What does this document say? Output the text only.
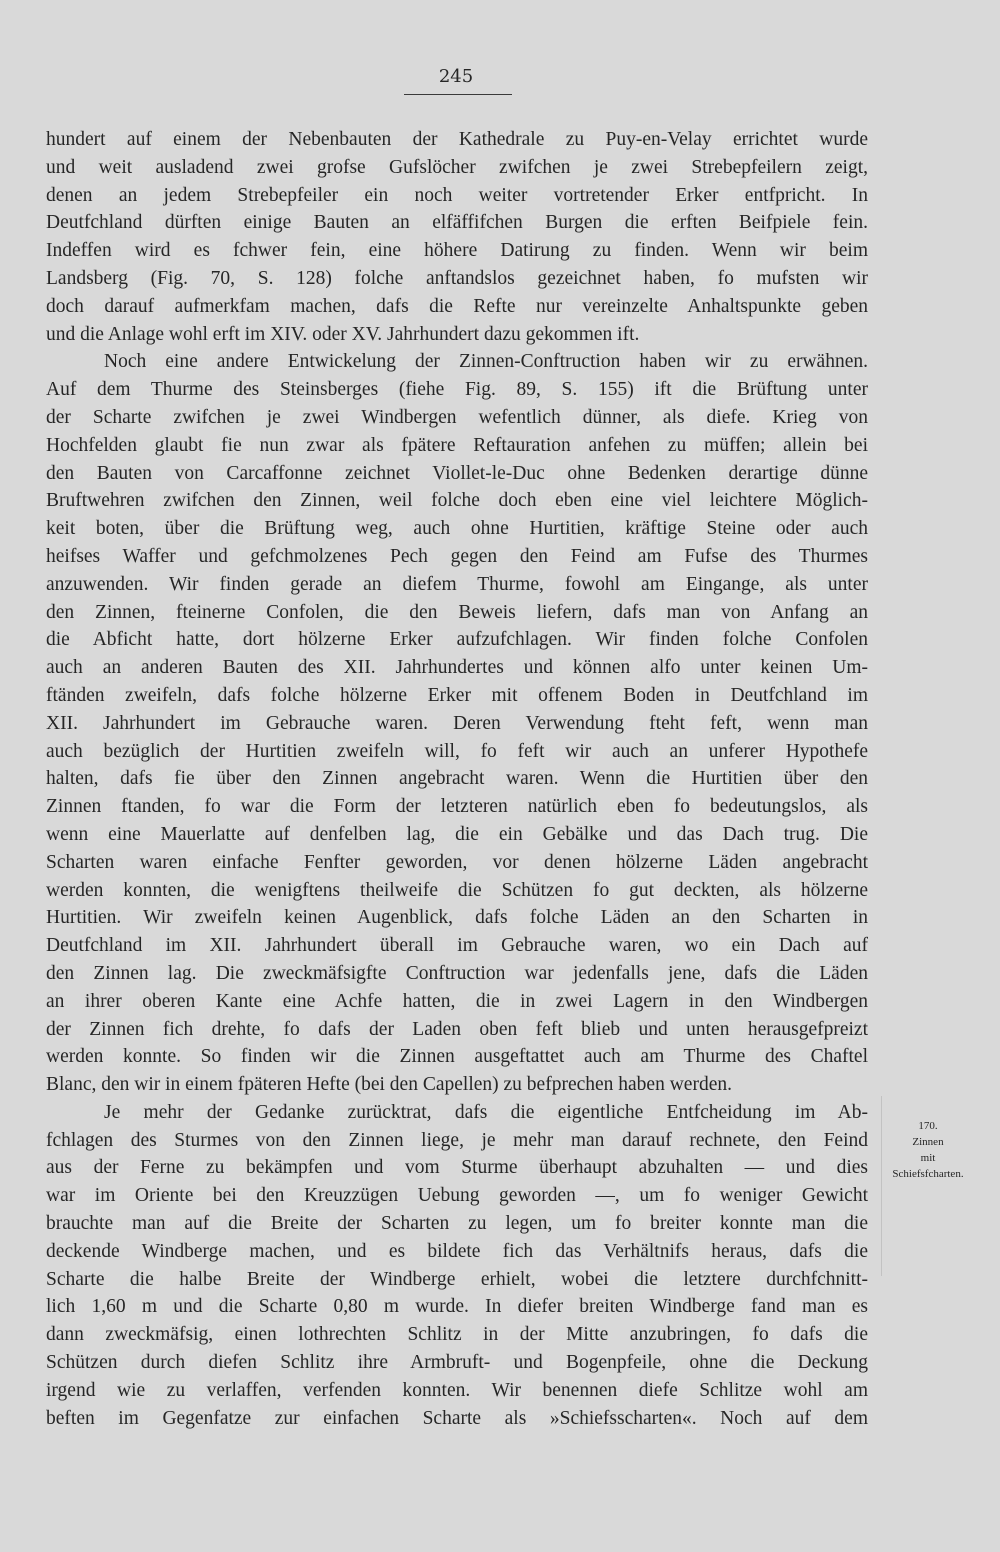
245
hundert auf einem der Nebenbauten der Kathedrale zu Puy-en-Velay errichtet wurde
und weit ausladend zwei grofse Gufslöcher zwifchen je zwei Strebepfeilern zeigt,
denen an jedem Strebepfeiler ein noch weiter vortretender Erker entfpricht. In
Deutfchland dürften einige Bauten an elfäffifchen Burgen die erften Beifpiele fein.
Indeffen wird es fchwer fein, eine höhere Datirung zu finden. Wenn wir beim
Landsberg (Fig. 70, S. 128) folche anftandslos gezeichnet haben, fo mufsten wir
doch darauf aufmerkfam machen, dafs die Refte nur vereinzelte Anhaltspunkte geben
und die Anlage wohl erft im XIV. oder XV. Jahrhundert dazu gekommen ift.
Noch eine andere Entwickelung der Zinnen-Conftruction haben wir zu erwähnen.
Auf dem Thurme des Steinsberges (fiehe Fig. 89, S. 155) ift die Brüftung unter
der Scharte zwifchen je zwei Windbergen wefentlich dünner, als diefe. Krieg von
Hochfelden glaubt fie nun zwar als fpätere Reftauration anfehen zu müffen; allein bei
den Bauten von Carcaffonne zeichnet Viollet-le-Duc ohne Bedenken derartige dünne
Bruftwehren zwifchen den Zinnen, weil folche doch eben eine viel leichtere Möglich-
keit boten, über die Brüftung weg, auch ohne Hurtitien, kräftige Steine oder auch
heifses Waffer und gefchmolzenes Pech gegen den Feind am Fufse des Thurmes
anzuwenden. Wir finden gerade an diefem Thurme, fowohl am Eingange, als unter
den Zinnen, fteinerne Confolen, die den Beweis liefern, dafs man von Anfang an
die Abficht hatte, dort hölzerne Erker aufzufchlagen. Wir finden folche Confolen
auch an anderen Bauten des XII. Jahrhundertes und können alfo unter keinen Um-
ftänden zweifeln, dafs folche hölzerne Erker mit offenem Boden in Deutfchland im
XII. Jahrhundert im Gebrauche waren. Deren Verwendung fteht feft, wenn man
auch bezüglich der Hurtitien zweifeln will, fo feft wir auch an unferer Hypothefe
halten, dafs fie über den Zinnen angebracht waren. Wenn die Hurtitien über den
Zinnen ftanden, fo war die Form der letzteren natürlich eben fo bedeutungslos, als
wenn eine Mauerlatte auf denfelben lag, die ein Gebälke und das Dach trug. Die
Scharten waren einfache Fenfter geworden, vor denen hölzerne Läden angebracht
werden konnten, die wenigftens theilweife die Schützen fo gut deckten, als hölzerne
Hurtitien. Wir zweifeln keinen Augenblick, dafs folche Läden an den Scharten in
Deutfchland im XII. Jahrhundert überall im Gebrauche waren, wo ein Dach auf
den Zinnen lag. Die zweckmäfsigfte Conftruction war jedenfalls jene, dafs die Läden
an ihrer oberen Kante eine Achfe hatten, die in zwei Lagern in den Windbergen
der Zinnen fich drehte, fo dafs der Laden oben feft blieb und unten herausgefpreizt
werden konnte. So finden wir die Zinnen ausgeftattet auch am Thurme des Chaftel
Blanc, den wir in einem fpäteren Hefte (bei den Capellen) zu befprechen haben werden.
Je mehr der Gedanke zurücktrat, dafs die eigentliche Entfcheidung im Ab-
fchlagen des Sturmes von den Zinnen liege, je mehr man darauf rechnete, den Feind
aus der Ferne zu bekämpfen und vom Sturme überhaupt abzuhalten — und dies
war im Oriente bei den Kreuzzügen Uebung geworden —, um fo weniger Gewicht
brauchte man auf die Breite der Scharten zu legen, um fo breiter konnte man die
deckende Windberge machen, und es bildete fich das Verhältnifs heraus, dafs die
Scharte die halbe Breite der Windberge erhielt, wobei die letztere durchfchnitt-
lich 1,60 m und die Scharte 0,80 m wurde. In diefer breiten Windberge fand man es
dann zweckmäfsig, einen lothrechten Schlitz in der Mitte anzubringen, fo dafs die
Schützen durch diefen Schlitz ihre Armbruft- und Bogenpfeile, ohne die Deckung
irgend wie zu verlaffen, verfenden konnten. Wir benennen diefe Schlitze wohl am
beften im Gegenfatze zur einfachen Scharte als »Schiefsscharten«. Noch auf dem
170.
Zinnen
mit
Schiefsfcharten.
